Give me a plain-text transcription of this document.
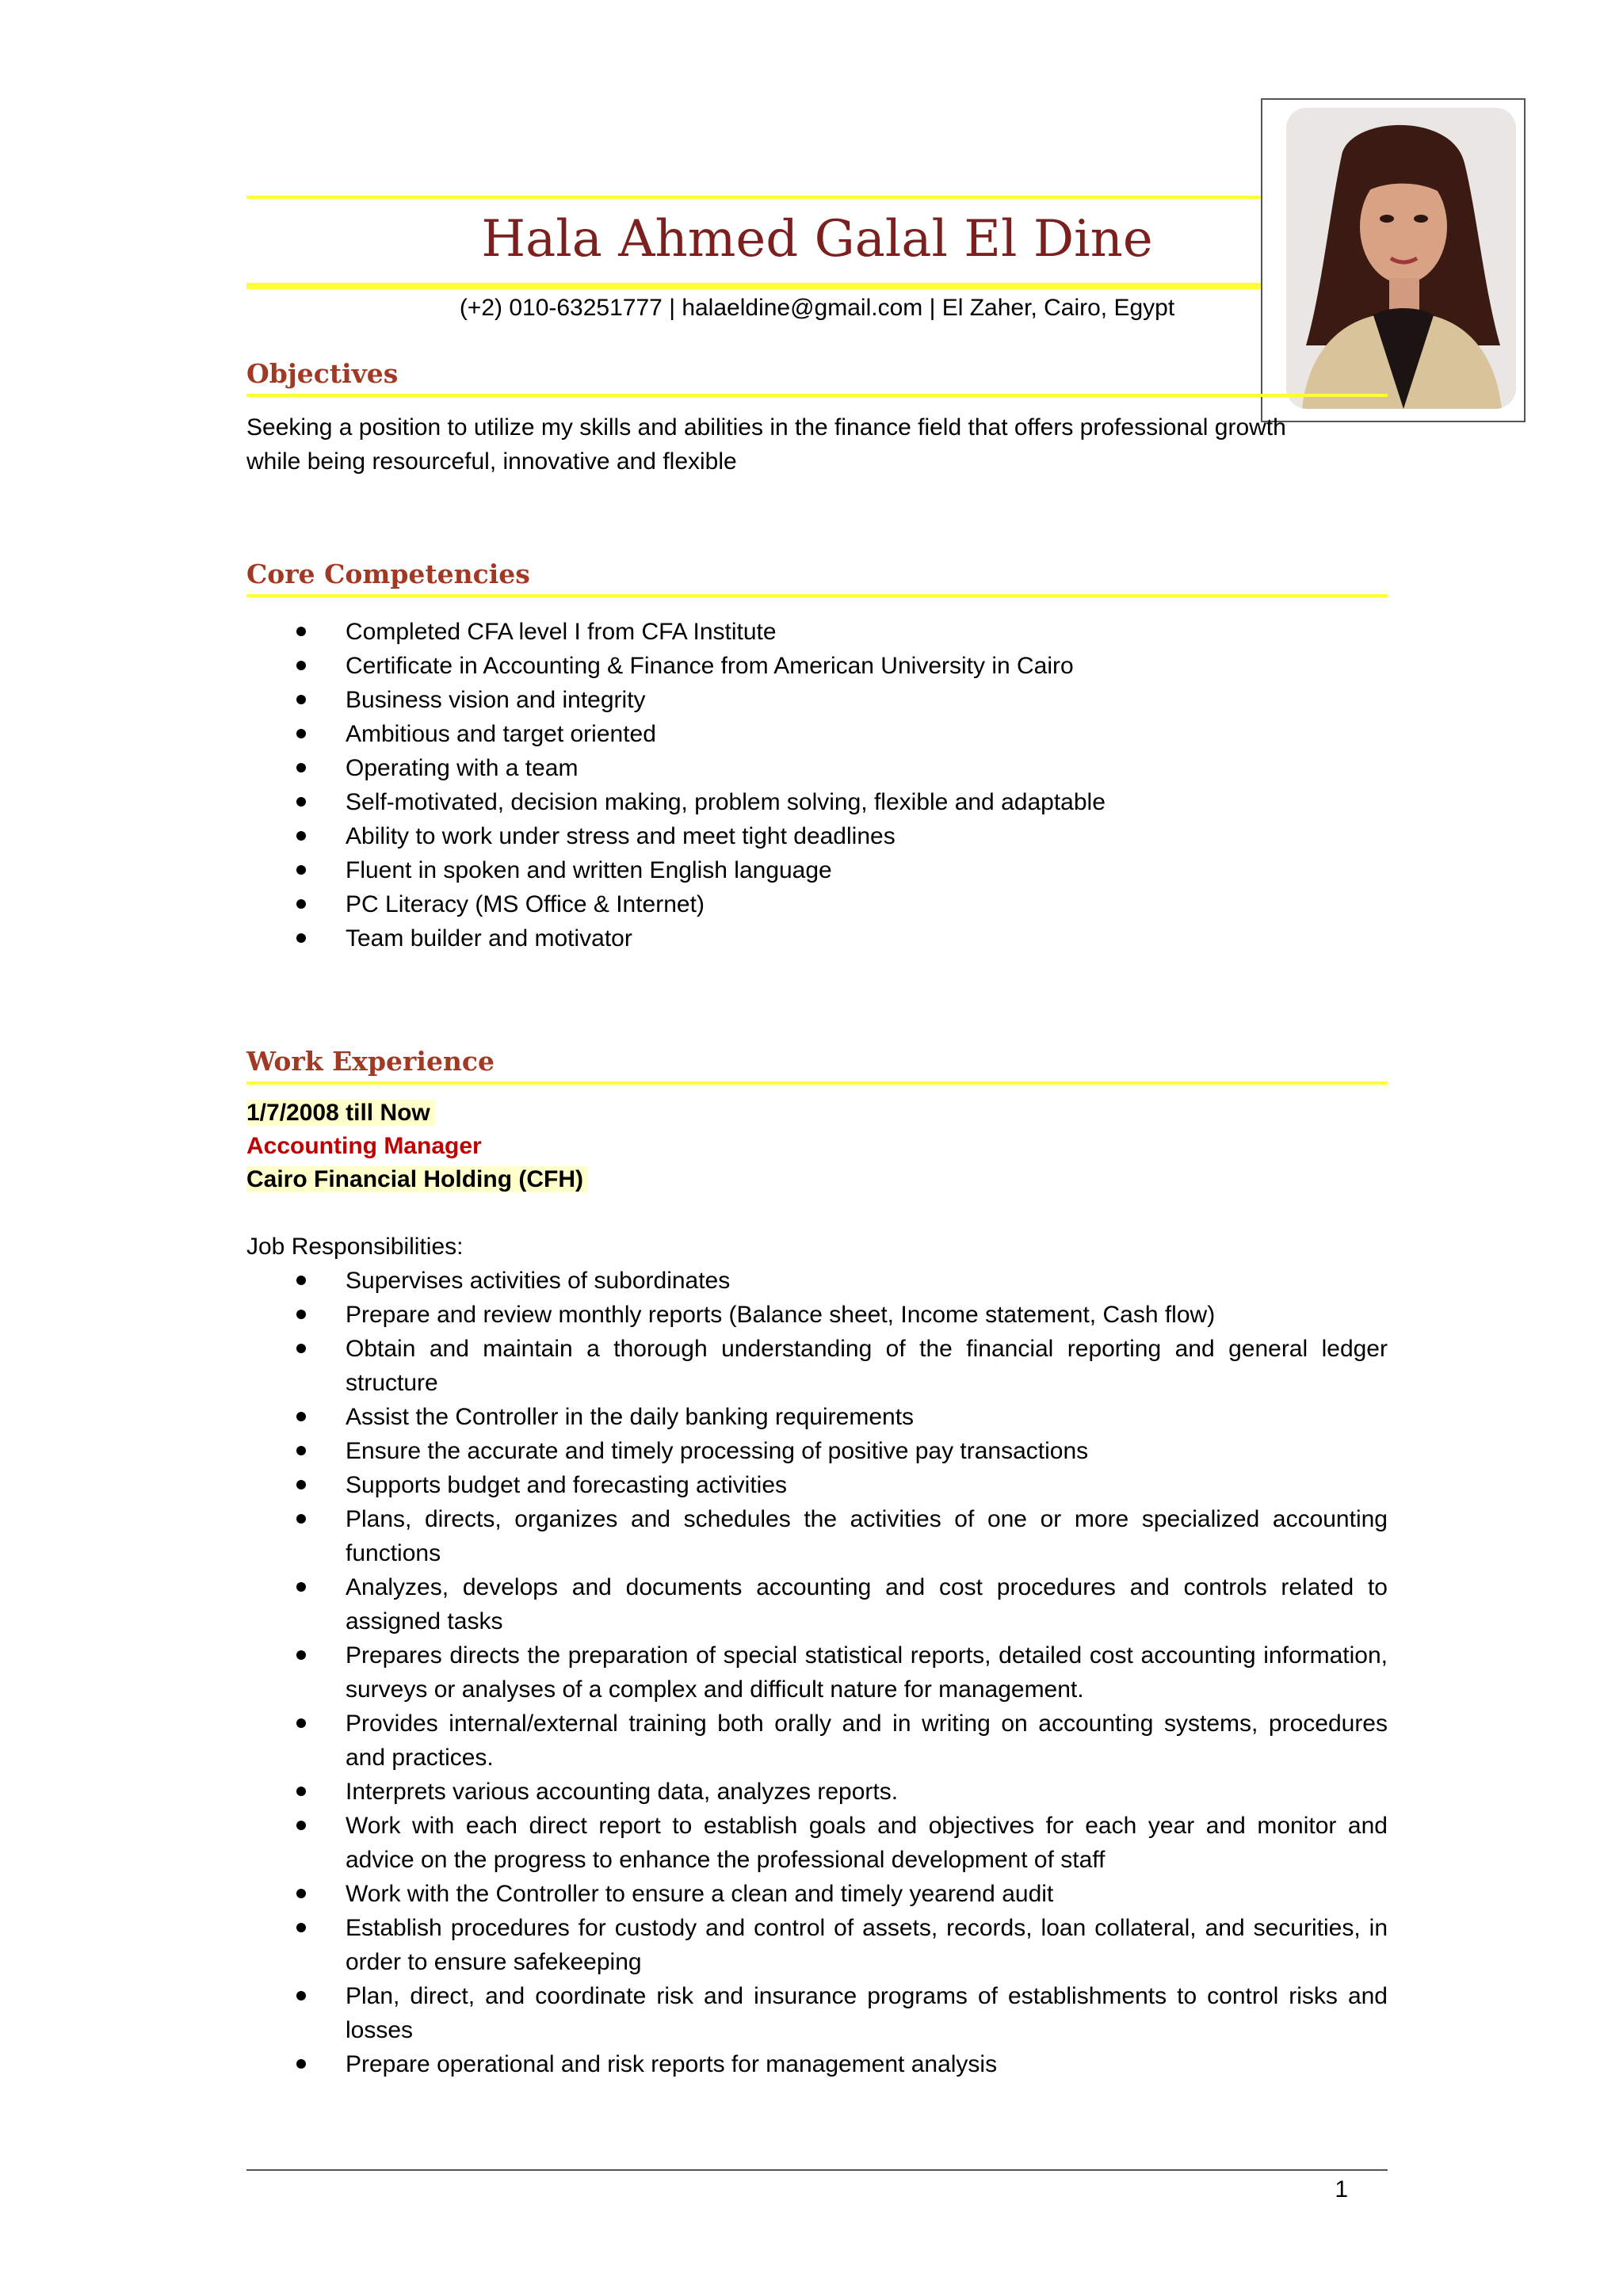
Hala Ahmed Galal El Dine
(+2) 010-63251777 | halaeldine@gmail.com | El Zaher, Cairo, Egypt
Objectives

Seeking a position to utilize my skills and abilities in the finance field that offers professional growth

while being resourceful, innovative and flexible

Core Competencies
Completed CFA level I from CFA Institute
Certificate in Accounting & Finance from American University in Cairo
Business vision and integrity
Ambitious and target oriented
Operating with a team
Self-motivated, decision making, problem solving, flexible and adaptable
Ability to work under stress and meet tight deadlines
Fluent in spoken and written English language
PC Literacy (MS Office & Internet)
Team builder and motivator
Work Experience
1/7/2008 till Now
Accounting Manager
Cairo Financial Holding (CFH)

Job Responsibilities:

Supervises activities of subordinates
Prepare and review monthly reports (Balance sheet, Income statement, Cash flow)
Obtain and maintain a thorough understanding of the financial reporting and general ledger structure
Assist the Controller in the daily banking requirements
Ensure the accurate and timely processing of positive pay transactions
Supports budget and forecasting activities
Plans, directs, organizes and schedules the activities of one or more specialized accounting functions
Analyzes, develops and documents accounting and cost procedures and controls related to assigned tasks
Prepares directs the preparation of special statistical reports, detailed cost accounting information, surveys or analyses of a complex and difficult nature for management.
Provides internal/external training both orally and in writing on accounting systems, procedures and practices.
Interprets various accounting data, analyzes reports.
Work with each direct report to establish goals and objectives for each year and monitor and advice on the progress to enhance the professional development of staff
Work with the Controller to ensure a clean and timely yearend audit
Establish procedures for custody and control of assets, records, loan collateral, and securities, in order to ensure safekeeping
Plan, direct, and coordinate risk and insurance programs of establishments to control risks and losses
Prepare operational and risk reports for management analysis
1
